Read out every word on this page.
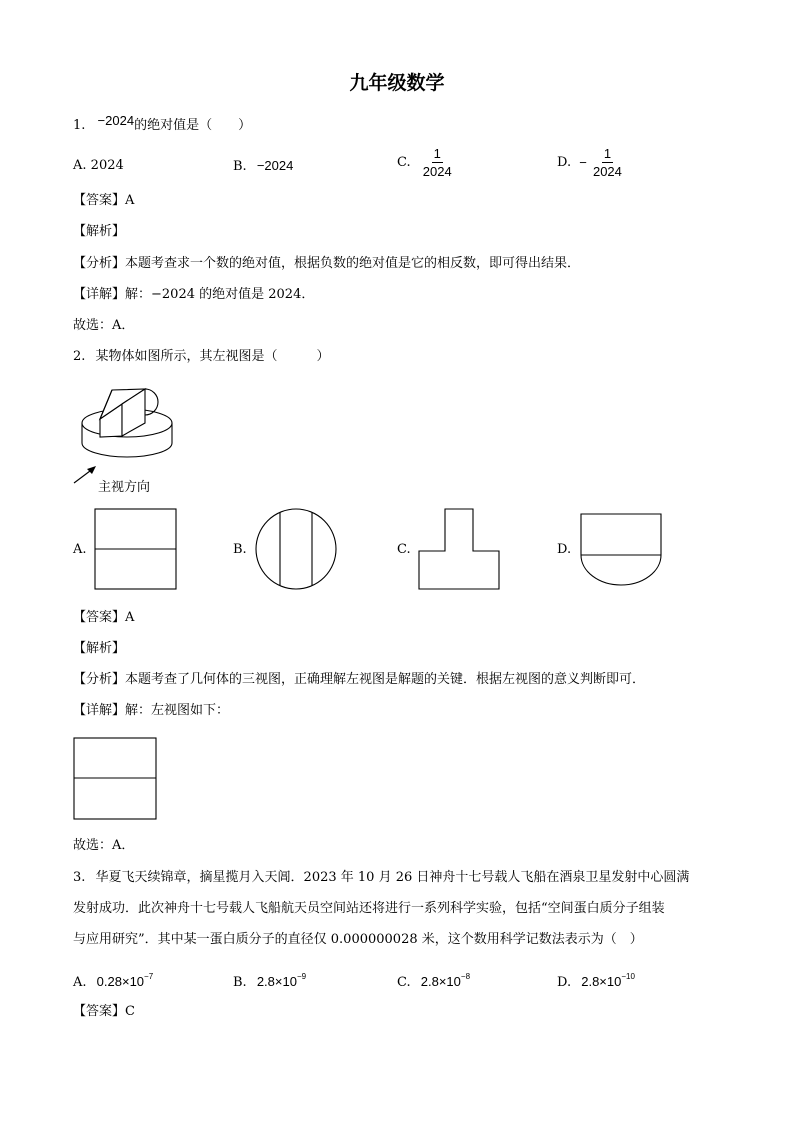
九年级数学
1. −2024的绝对值是（　　）
A. 2024	B. −2024	C. $\frac{1}{2024}$	D. − $\frac{1}{2024}$
【答案】A
【解析】
【分析】本题考查求一个数的绝对值，根据负数的绝对值是它的相反数，即可得出结果．
【详解】解：−2024 的绝对值是 2024．
故选：A．
2. 某物体如图所示，其左视图是（　　　）
主视方向
A.	B.	C.	D.
【答案】A
【解析】
【分析】本题考查了几何体的三视图，正确理解左视图是解题的关键．根据左视图的意义判断即可．
【详解】解：左视图如下：
故选：A．
3. 华夏飞天续锦章，摘星揽月入天阊．2023 年 10 月 26 日神舟十七号载人飞船在酒泉卫星发射中心圆满
发射成功．此次神舟十七号载人飞船航天员空间站还将进行一系列科学实验，包括“空间蛋白质分子组装
与应用研究”．其中某一蛋白质分子的直径仅 0.000000028 米，这个数用科学记数法表示为（　）
A. $0.28\times 10^{-7}$	B. $2.8\times 10^{-9}$	C. $2.8\times 10^{-8}$	D. $2.8\times 10^{-10}$
【答案】C
